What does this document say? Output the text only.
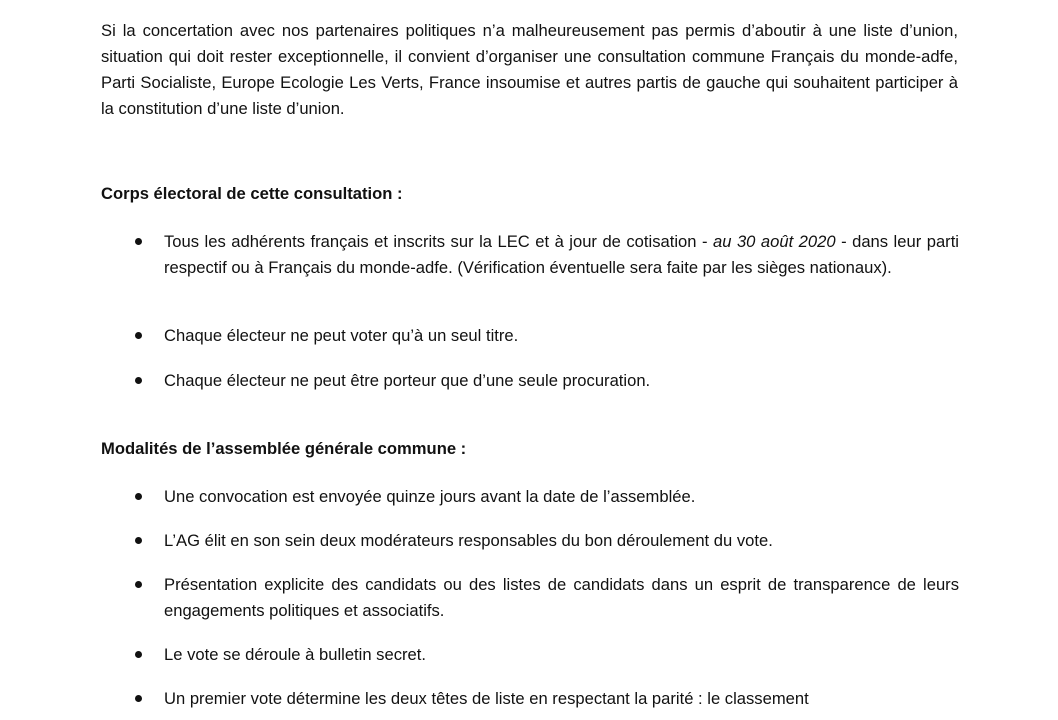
Si la concertation avec nos partenaires politiques n’a malheureusement pas permis d’aboutir à une liste d’union, situation qui doit rester exceptionnelle, il convient d’organiser une consultation commune Français du monde-adfe, Parti Socialiste, Europe Ecologie Les Verts, France insoumise et autres partis de gauche qui souhaitent participer à la constitution d’une liste d’union.

Corps électoral de cette consultation :

Tous les adhérents français et inscrits sur la LEC et à jour de cotisation - au 30 août 2020 - dans leur parti respectif ou à Français du monde-adfe. (Vérification éventuelle sera faite par les sièges nationaux).
Chaque électeur ne peut voter qu’à un seul titre.
Chaque électeur ne peut être porteur que d’une seule procuration.

Modalités de l’assemblée générale commune :

Une convocation est envoyée quinze jours avant la date de l’assemblée.
L’AG élit en son sein deux modérateurs responsables du bon déroulement du vote.
Présentation explicite des candidats ou des listes de candidats dans un esprit de transparence de leurs engagements politiques et associatifs.
Le vote se déroule à bulletin secret.
Un premier vote détermine les deux têtes de liste en respectant la parité : le classement
